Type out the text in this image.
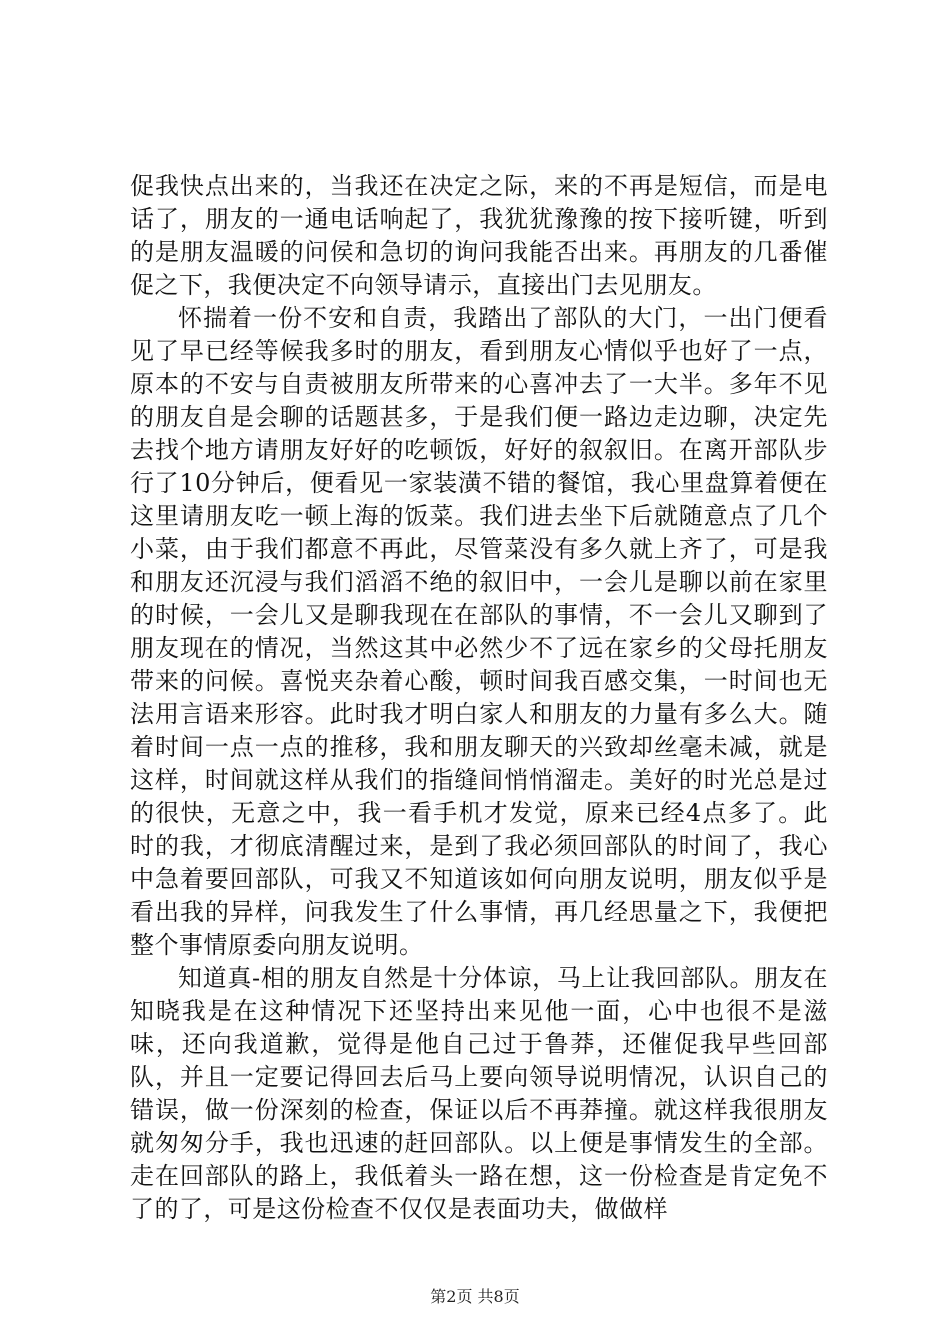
促我快点出来的，当我还在决定之际，来的不再是短信，而是电话了，朋友的一通电话响起了，我犹犹豫豫的按下接听键，听到的是朋友温暖的问侯和急切的询问我能否出来。再朋友的几番催促之下，我便决定不向领导请示，直接出门去见朋友。

怀揣着一份不安和自责，我踏出了部队的大门，一出门便看见了早已经等候我多时的朋友，看到朋友心情似乎也好了一点，原本的不安与自责被朋友所带来的心喜冲去了一大半。多年不见的朋友自是会聊的话题甚多，于是我们便一路边走边聊，决定先去找个地方请朋友好好的吃顿饭，好好的叙叙旧。在离开部队步行了10分钟后，便看见一家装潢不错的餐馆，我心里盘算着便在这里请朋友吃一顿上海的饭菜。我们进去坐下后就随意点了几个小菜，由于我们都意不再此，尽管菜没有多久就上齐了，可是我和朋友还沉浸与我们滔滔不绝的叙旧中，一会儿是聊以前在家里的时候，一会儿又是聊我现在在部队的事情，不一会儿又聊到了朋友现在的情况，当然这其中必然少不了远在家乡的父母托朋友带来的问候。喜悦夹杂着心酸，顿时间我百感交集，一时间也无法用言语来形容。此时我才明白家人和朋友的力量有多么大。随着时间一点一点的推移，我和朋友聊天的兴致却丝毫未减，就是这样，时间就这样从我们的指缝间悄悄溜走。美好的时光总是过的很快，无意之中，我一看手机才发觉，原来已经4点多了。此时的我，才彻底清醒过来，是到了我必须回部队的时间了，我心中急着要回部队，可我又不知道该如何向朋友说明，朋友似乎是看出我的异样，问我发生了什么事情，再几经思量之下，我便把整个事情原委向朋友说明。

知道真-相的朋友自然是十分体谅，马上让我回部队。朋友在知晓我是在这种情况下还坚持出来见他一面，心中也很不是滋味，还向我道歉，觉得是他自己过于鲁莽，还催促我早些回部队，并且一定要记得回去后马上要向领导说明情况，认识自己的错误，做一份深刻的检查，保证以后不再莽撞。就这样我很朋友就匆匆分手，我也迅速的赶回部队。以上便是事情发生的全部。走在回部队的路上，我低着头一路在想，这一份检查是肯定免不了的了，可是这份检查不仅仅是表面功夫，做做样

第2页 共8页
